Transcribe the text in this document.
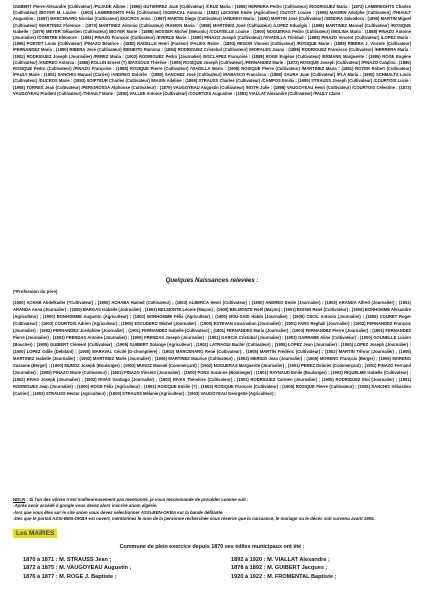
GUIBERT Pierre-Alexandre (Cultivateur) /PUJADE Albine : (1896) GUTIERREZ Juan (Cultivateur) /CRUZ Maria : (1895) HERRERA Pedro (Cultivateur) /RODRIGUEZ Maria : (1872) LAMBREGHTS Charles (Cultivateur) /BOYER M. Louise : (1903) LAMBREGHTS Félix (Cultivateur) /SOMACAL Antonia : (1882) LECIGNE Emile (Agriculteur) /GUYOT Louise : (1905) MAGRIN Adolphe (Cultivateur) /THIAULT Augustine : (1897) MARCENARO Nicolas (Cultivateur) /DUCROS Anna : (1887) MARTIN Diego (Cultivateur) /ANDREO Maria : (1892) MARTIN José (Cultivateur) /SENDRA Salvadora : (1890) MARTIN Miguel (Cultivateur) /MARTINEZ Florence : (1870) MARTINEZ Antonio (Cultivateur) /RAMON Maria : (1886) MARTINEZ José (Cultivateur) /LOPEZ Eduvigis : (1898) MARTINEZ Manuel (Cultivateur) /ROSIQUE Isabelle : (1879) MEYER Sébastien (Cultivateur) /BOYER Marie : (1888) MOSSER Michel (Mécanic) /COUTEILLE Louise : (1900) NOGUERAS Pedro (Cultivateur) /MOLINA Maria : (1888) PINAZO Antoine (Journalier) /COMITRE Eléonore : (1891) PINAZO François (Cultivateur) /EVERLE Marie : (1890) PINAZO Joseph (Cultivateur) /VIVADILLA Trinidad : (1889) PINAZO Vincent (Cultivateur) /LOPEZ Maria : (1896) PORTET Louis (Cultivateur) /PINAZO Béatrice : (1882) RADELLE Henri (Facteur) /FALIEX Reine : (1893) REGOR Vincent (Cultivateur) /ROSIQUE Marie : (1889) RIBERA J. Vicente (Cultivateur) /FERNANDEZ Maria : (1890) RIBERA José (Cultivateur) /BENEITO Ramona : (1894) RODRIGUEZ Cristobal (Cultivateur) /MORALES Juana : (1889) RODRIGUEZ Francisco (Cultivateur) /HERRERA Maria : (1902) RODRIGUEZ Joseph (Journalier) /PEREZ Maria : (1902) RODRIGUEZ Pedro (Journalier) /ESCLAPEZ Françoise : (1888) ROGE Eugène (Cultivateur) /ERMANN Marguerite : (1895) ROGE Eugène (Cultivateur) /ANDREO Antonia : (1886) ROLLIN Ernest (?) /BASSOUS Thérèse : (1905) ROSIQUE Joseph (Cultivateur) /FERNANDEZ Marie : (1872) ROSIQUE Joseph (Cultivateur) /PINAZO Catalina : (1885) ROSIQUE Pedro (Cultivateur) /PINAZO Françoise : (1888) ROSIQUE Pierre (Cultivateur) /VIADILLA Maria : (1905) ROSIQUE Pierre (Cultivateur) /MARTINEZ Maria : (1881) ROYER Robert (Cultivateur) /PAULY Marie : (1904) SANCHIS Manuel (Carrier) /ANDREO Dolorès : (1880) SANCHEZ José (Cultivateur) /RABASCO Francisca : (1886) SAURA Juan (Cultivateur) /PLA Maria : (1892) SCHMALTZ Louis (Cultivateur) /DUCROS Marie : (1893) SOIPTEUR Charles (Cultivateur) /MAXIN Adeline : (1895) STRAUSS Charles (Cultivateur) /CAMPOS Emilia : (1905) STRAUSS Joseph (Cultivateur) /COURTOIS Lucie : (1905) TORRES Jean (Cultivateur) /PERIGROSSA Alphonse (Cultivateur) : (1879) VAUGOYEAU Augustin (Cultivateur) /NOTH Julie : (1898) VAUGOYEAU Henri (Cultivateur) /COURTOIS Célestine : (1873) VAUGOYEAU Prudent (Cultivateur) /THIAULT Marie : (1892) VALLEE Antoine (Cultivateur) /COURTOIS Augustine : (1883) VIALLAT Alexandre (Cultivateur) /PAULY Claire :

Quelques Naissances relevées :
(*Profession du père)

(1900) ACHAB Abdelkader (*Cultivateur) ; (1900) ACHABA Hamed (Cultivateur) ; (1903) ALBERCA Henri (Cultivateur) ; (1900) ANDREO Emile (Journalier) ; (1903) ARANDA Alfred (Journalier) ; (1901) ARANDA Anna (Journalier) ; (1900) BARGAS Isabelle (Journalier) ; (1902) BELMONTE Léonie (Maçon) ; (1900) BELMONTE Roël (Maçon) ; (1901) BOISIN René (Cultivateur) ; (1900) BONHOMME Alexandre (Agriculteur) ; (1900) BONHOMME Augustin (Agriculteur) ; (1902) BONHOMME Félix (Agriculteur) ; (1900) BOU-SAÏD Habib (Journalier) ; (1905) CECIL Antonio (Journalier) ; (1905) COURET Roger (Cultivateur) ; (1903) COURTOIS Adrien (Agriculteur) ; (1905) ESCUDERO Michel (Journalier) ; (1900) ESTEVAN Incarnation (Journalier) ; (1901) FARS Reghali (Journalier) ; (1902) FERNANDEZ François (Journalier) ; (1902) FERNANDEZ Joséphine (Journalier) ; (1901) FERNANDEZ Isabelle (Cultivateur) ; (1901) FERNANDEZ Maria (Journalier) ; (1903) FERNANDEZ Pierre (Journalier) ; (1901) FERNANDEZ Pierre (Journalier) ; (1902) FRENDAS Antoine (Journalier) ; (1900) FRENDAS Joseph (Journalier) ; (1901) GARCIA Cristobal (Journalier) ; (1903) GARRABE Aline (Cultivateur) ; (1900) GOUNELLE Lucien (Boucher) ; (1905) GUIBERT Clément (Cultivateur) ; (1905) GUIBERT Solange (Agriculteur) ; (1902) LATRAOUI Bachir (Cultivateur) ; (1905) LOPEZ Jean (Journalier) ; (1900) LOPEZ Joseph (Journalier) ; (1900) LOPEZ Odile (Débitant) ; (1900) MARAVAL Cécile (D-chomptière) ; (1902) MARCENARO René (Cultivateur) ; (1905) MARTIN Frédéric (Cultivateur) ; (1902) MARTIN Téhror (Journalier) ; (1905) MARTINEZ Isabelle (Journalier) ; (1903) MARTINEZ Marie (Journalier) ; (1905) MARTINEZ Maurice (Cultivateur) ; (1902) MERIGO Jean (Journalier) ; (1905) MORENO François (Berger) ; (1905) MORENO Suzanne (Berger) ; (1900) MUNOZ Joseph (Boulanger) ; (1902) MUNOZ Manuel (Commerçant) ; (1902) NOGUERAS Marguerite (Journalier) ; (1901) PEREZ Dolorès (Commerçant) ; (1901) PINAZO Fernand (Journalier) ; (1905) PINAZO Marie (Cultivateur) ; (1901) PINAZO Vincent (Journalier) ; (1900) PONS Suzanne (Boulanger) ; (1901) RAYNAUD Emile (Boulanger) ; (1902) RIQUELME Isabelle (Cultivateur) ; (1902) RIVAS Joseph (Journalier) ; (1903) RIVAS Santiago (Journalier) ; (1902) RIVAS Théodore (Cultivateur) ; (1901) RODRIGUEZ Carmen (Journalier) ; (1905) RODRIGUEZ Eloi (Journalier) ; (1901) RODRIGUEZ Jean (Journalier) ; (1900) ROGE Félix (Agriculteur) ; (1902) ROSIQUE Emilie (?) ; (1902) ROSIQUE François (Cultivateur) ; (1905) ROSIQUE Pierre (Cultivateur) ; (1905) SANCHIS Sébastien (Carrier) ; (1902) STRAUSS Hector (Agriculteur) ; (1900) STRAUSS Mélanie (Agriculteur) ; (1903) VAUGOYEAU Georgette (Agriculteur) ;

NDLR : Si l'un des vôtres n'est malheureusement pas mentionné, je vous recommande de procéder comme suit :
-Après avoir accédé à google vous devez alors inscrire anom algérie.
-lors que vous êtes sur le site anom vous devez sélectionner ASSI-BEN-OKBA sur la bande défilante.
-Dès que le portail ASSI-BEN-OKBA est ouvert, mentionnez le nom de la personne recherchée sous réserve que la naissance, le mariage ou le décès soit survenu avant 1905.
Les MAIRES
Commune de plein exercice depuis 1870 ses édiles municipaux ont été :
1870 à 1871 : M. STRAUSS Jean ;
1872 à 1875 : M. VAUGOYEAU Augustin ;
1876 à 1877 : M. ROGE J. Baptiste ;
1892 à 1920 : M. VIALLAT Alexandre ;
1878 à 1892 : M. GUIBERT Jacques ;
1920 à 1922 : M. FROMENTAL Baptiste ;
